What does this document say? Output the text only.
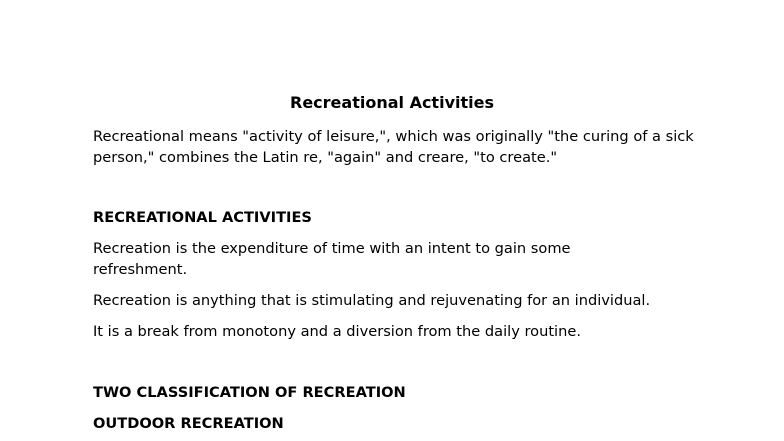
Recreational Activities

Recreational means "activity of leisure,", which was originally "the curing of a sick person," combines the Latin re, "again" and creare, "to create."

RECREATIONAL ACTIVITIES

Recreation is the expenditure of time with an intent to gain some refreshment.

Recreation is anything that is stimulating and rejuvenating for an individual.

It is a break from monotony and a diversion from the daily routine.

TWO CLASSIFICATION OF RECREATION

OUTDOOR RECREATION
